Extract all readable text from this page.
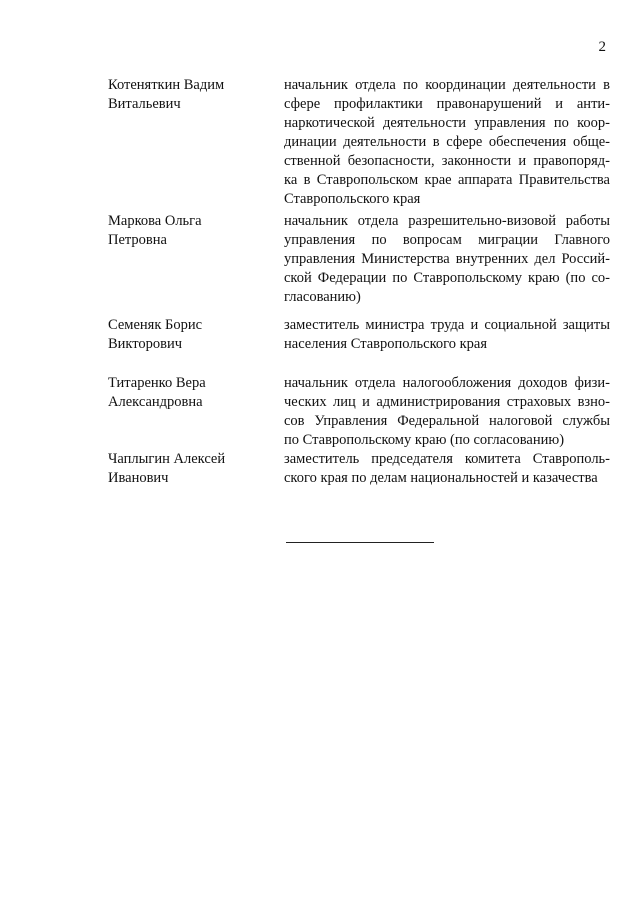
2
Котеняткин Вадим
Витальевич
начальник отдела по координации деятельности в
сфере профилактики правонарушений и анти-
наркотической деятельности управления по коор-
динации деятельности в сфере обеспечения обще-
ственной безопасности, законности и правопоряд-
ка в Ставропольском крае аппарата Правительства
Ставропольского края
Маркова Ольга
Петровна
начальник отдела разрешительно-визовой работы
управления по вопросам миграции Главного
управления Министерства внутренних дел Россий-
ской Федерации по Ставропольскому краю (по со-
гласованию)
Семеняк Борис
Викторович
заместитель министра труда и социальной защиты
населения Ставропольского края
Титаренко Вера
Александровна
начальник отдела налогообложения доходов физи-
ческих лиц и администрирования страховых взно-
сов Управления Федеральной налоговой службы
по Ставропольскому краю (по согласованию)
Чаплыгин Алексей
Иванович
заместитель председателя комитета Ставрополь-
ского края по делам национальностей и казачества
